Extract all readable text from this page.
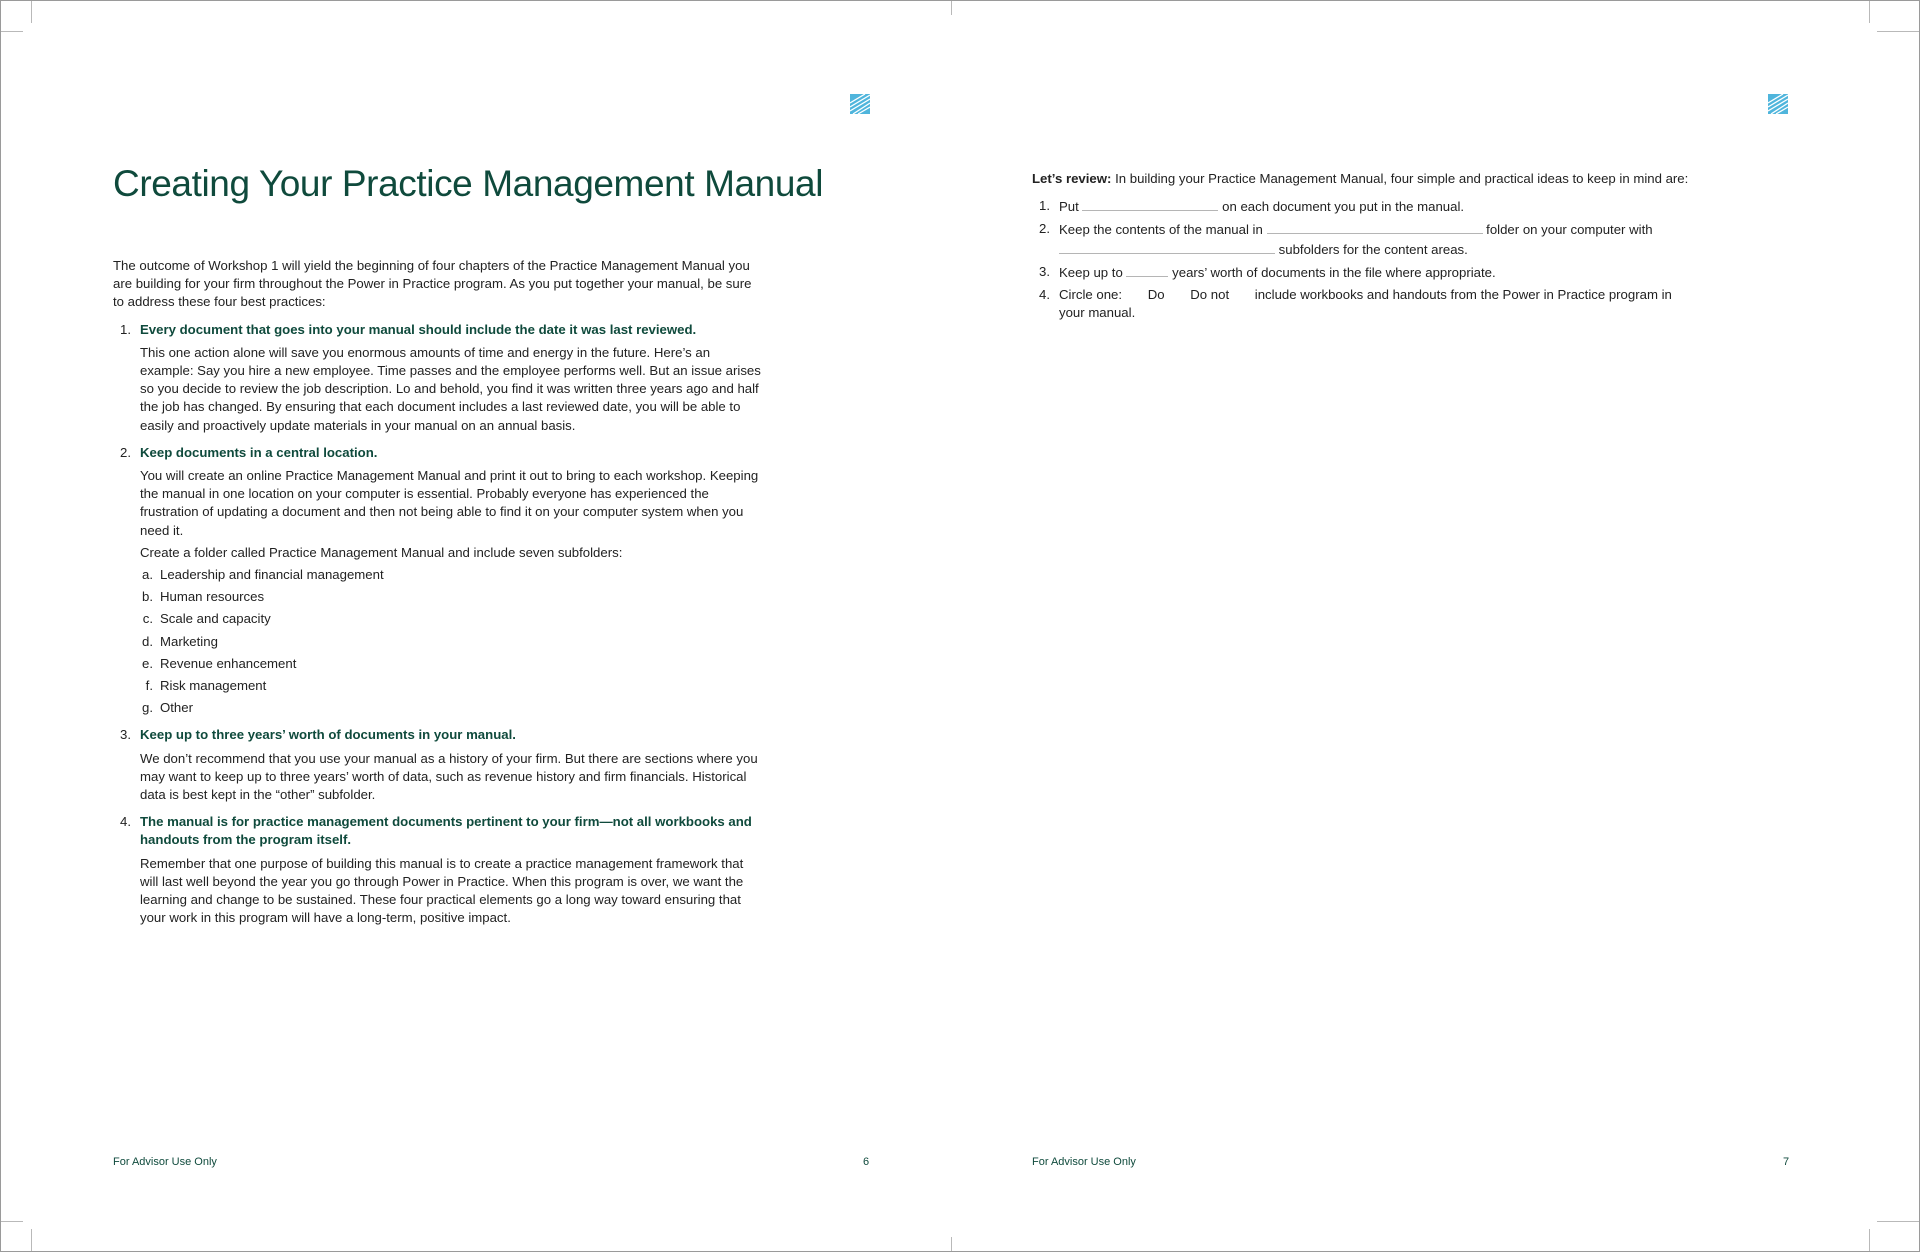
Creating Your Practice Management Manual

The outcome of Workshop 1 will yield the beginning of four chapters of the Practice Management Manual you are building for your firm throughout the Power in Practice program. As you put together your manual, be sure to address these four best practices:

1. Every document that goes into your manual should include the date it was last reviewed.

This one action alone will save you enormous amounts of time and energy in the future. Here’s an example: Say you hire a new employee. Time passes and the employee performs well. But an issue arises so you decide to review the job description. Lo and behold, you find it was written three years ago and half the job has changed. By ensuring that each document includes a last reviewed date, you will be able to easily and proactively update materials in your manual on an annual basis.

2. Keep documents in a central location.

You will create an online Practice Management Manual and print it out to bring to each workshop. Keeping the manual in one location on your computer is essential. Probably everyone has experienced the frustration of updating a document and then not being able to find it on your computer system when you need it.

Create a folder called Practice Management Manual and include seven subfolders:

a. Leadership and financial management
b. Human resources
c. Scale and capacity
d. Marketing
e. Revenue enhancement
f. Risk management
g. Other
3. Keep up to three years’ worth of documents in your manual.

We don’t recommend that you use your manual as a history of your firm. But there are sections where you may want to keep up to three years’ worth of data, such as revenue history and firm financials. Historical data is best kept in the “other” subfolder.

4. The manual is for practice management documents pertinent to your firm—not all workbooks and handouts from the program itself.

Remember that one purpose of building this manual is to create a practice management framework that will last well beyond the year you go through Power in Practice. When this program is over, we want the learning and change to be sustained. These four practical elements go a long way toward ensuring that your work in this program will have a long-term, positive impact.

For Advisor Use Only	6

Let’s review: In building your Practice Management Manual, four simple and practical ideas to keep in mind are:

1. Put	on each document you put in the manual.
2. Keep the contents of the manual in	folder on your computer with
subfolders for the content areas.
3. Keep up to	years’ worth of documents in the file where appropriate.
4. Circle one: Do Do not include workbooks and handouts from the Power in Practice program in your manual.
For Advisor Use Only	7
